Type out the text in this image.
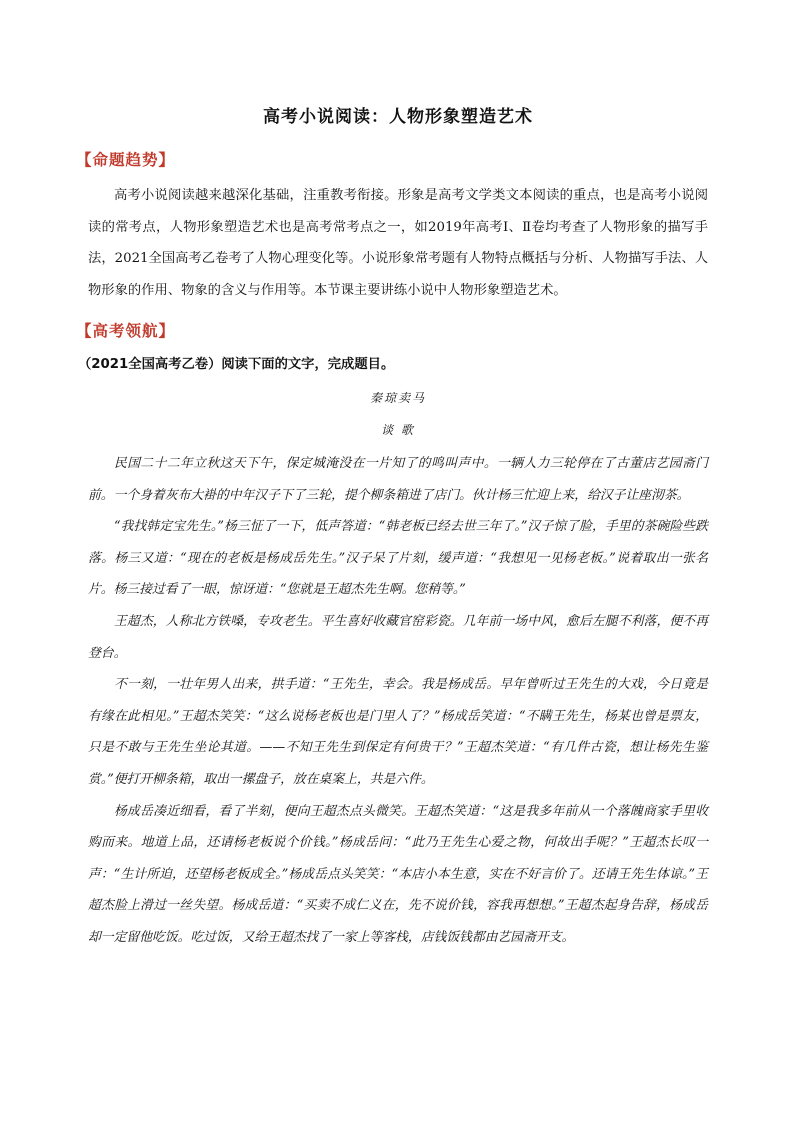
高考小说阅读：人物形象塑造艺术
【命题趋势】

高考小说阅读越来越深化基础，注重教考衔接。形象是高考文学类文本阅读的重点，也是高考小说阅读的常考点，人物形象塑造艺术也是高考常考点之一，如2019年高考Ⅰ、Ⅱ卷均考查了人物形象的描写手法，2021全国高考乙卷考了人物心理变化等。小说形象常考题有人物特点概括与分析、人物描写手法、人物形象的作用、物象的含义与作用等。本节课主要讲练小说中人物形象塑造艺术。

【高考领航】
（2021全国高考乙卷）阅读下面的文字，完成题目。
秦琼卖马
谈 歌

民国二十二年立秋这天下午，保定城淹没在一片知了的鸣叫声中。一辆人力三轮停在了古董店艺园斋门前。一个身着灰布大褂的中年汉子下了三轮，提个柳条箱进了店门。伙计杨三忙迎上来，给汉子让座沏茶。

“我找韩定宝先生。”杨三怔了一下，低声答道：“韩老板已经去世三年了。”汉子惊了脸，手里的茶碗险些跌落。杨三又道：“现在的老板是杨成岳先生。”汉子呆了片刻，缓声道：“我想见一见杨老板。”说着取出一张名片。杨三接过看了一眼，惊讶道：“您就是王超杰先生啊。您稍等。”

王超杰，人称北方铁嗓，专攻老生。平生喜好收藏官窑彩瓷。几年前一场中风，愈后左腿不利落，便不再登台。

不一刻，一壮年男人出来，拱手道：“王先生，幸会。我是杨成岳。早年曾听过王先生的大戏，今日竟是有缘在此相见。”王超杰笑笑：“这么说杨老板也是门里人了？”杨成岳笑道：“不瞒王先生，杨某也曾是票友，只是不敢与王先生坐论其道。——不知王先生到保定有何贵干？”王超杰笑道：“有几件古瓷，想让杨先生鉴赏。”便打开柳条箱，取出一摞盘子，放在桌案上，共是六件。

杨成岳凑近细看，看了半刻，便向王超杰点头微笑。王超杰笑道：“这是我多年前从一个落魄商家手里收购而来。地道上品，还请杨老板说个价钱。”杨成岳问：“此乃王先生心爱之物，何故出手呢？”王超杰长叹一声：“生计所迫，还望杨老板成全。”杨成岳点头笑笑：“本店小本生意，实在不好言价了。还请王先生体谅。”王超杰脸上滑过一丝失望。杨成岳道：“买卖不成仁义在，先不说价钱，容我再想想。”王超杰起身告辞，杨成岳却一定留他吃饭。吃过饭，又给王超杰找了一家上等客栈，店钱饭钱都由艺园斋开支。
